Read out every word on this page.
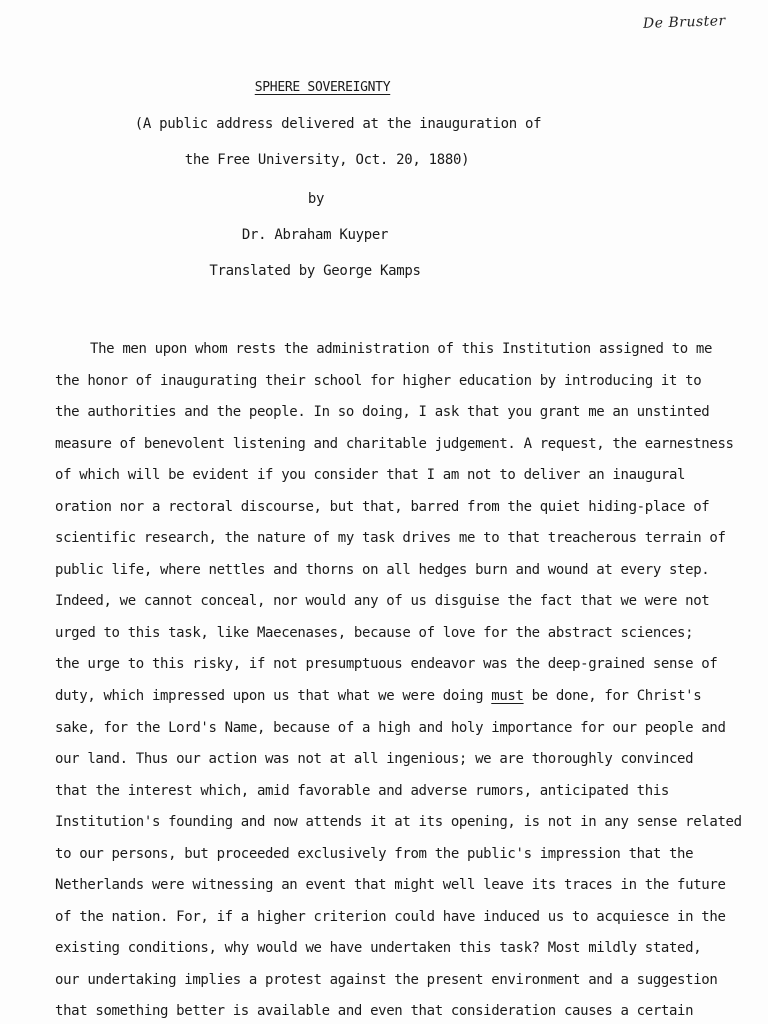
De Bruster
SPHERE SOVEREIGNTY
(A public address delivered at the inauguration of
the Free University, Oct. 20, 1880)
by
Dr. Abraham Kuyper
Translated by George Kamps
The men upon whom rests the administration of this Institution assigned to me
the honor of inaugurating their school for higher education by introducing it to
the authorities and the people. In so doing, I ask that you grant me an unstinted
measure of benevolent listening and charitable judgement. A request, the earnestness
of which will be evident if you consider that I am not to deliver an inaugural
oration nor a rectoral discourse, but that, barred from the quiet hiding-place of
scientific research, the nature of my task drives me to that treacherous terrain of
public life, where nettles and thorns on all hedges burn and wound at every step.
Indeed, we cannot conceal, nor would any of us disguise the fact that we were not
urged to this task, like Maecenases, because of love for the abstract sciences;
the urge to this risky, if not presumptuous endeavor was the deep-grained sense of
duty, which impressed upon us that what we were doing must be done, for Christ's
sake, for the Lord's Name, because of a high and holy importance for our people and
our land. Thus our action was not at all ingenious; we are thoroughly convinced
that the interest which, amid favorable and adverse rumors, anticipated this
Institution's founding and now attends it at its opening, is not in any sense related
to our persons, but proceeded exclusively from the public's impression that the
Netherlands were witnessing an event that might well leave its traces in the future
of the nation. For, if a higher criterion could have induced us to acquiesce in the
existing conditions, why would we have undertaken this task? Most mildly stated,
our undertaking implies a protest against the present environment and a suggestion
that something better is available and even that consideration causes a certain
